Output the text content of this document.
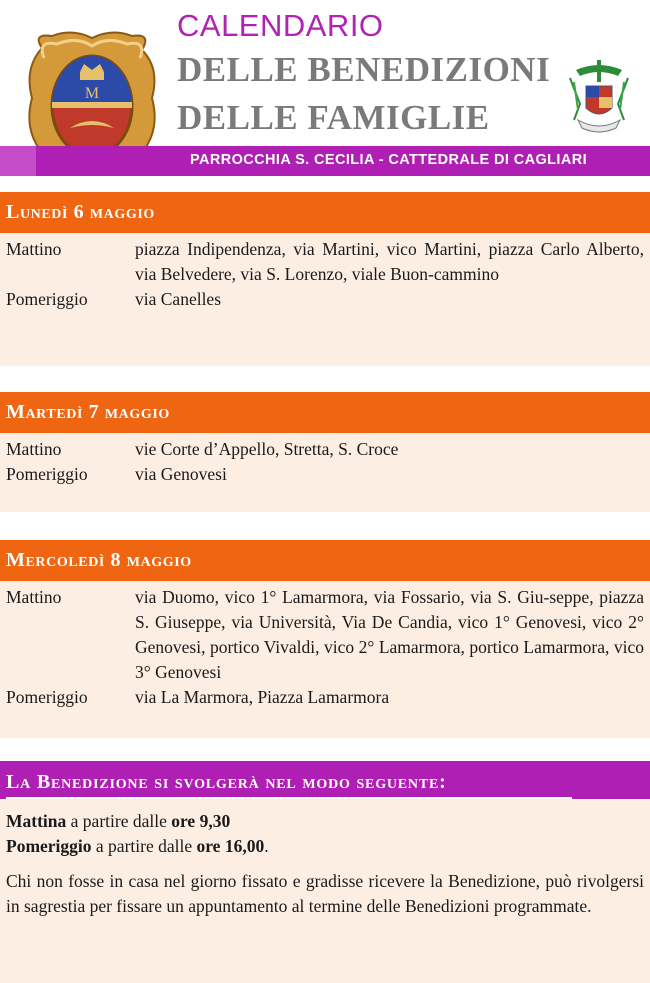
M
CALENDARIO
DELLE BENEDIZIONI
DELLE FAMIGLIE
PARROCCHIA S. CECILIA - CATTEDRALE DI CAGLIARI
Lunedì 6 maggio
Mattino	piazza Indipendenza, via Martini, vico Martini, piazza Carlo Alberto, via Belvedere, via S. Lorenzo, viale Buon-cammino
Pomeriggio	via Canelles
Martedì 7 maggio
Mattino	vie Corte d’Appello, Stretta, S. Croce
Pomeriggio	via Genovesi
Mercoledì 8 maggio
Mattino	via Duomo, vico 1° Lamarmora, via Fossario, via S. Giu-seppe, piazza S. Giuseppe, via Università, Via De Candia, vico 1° Genovesi, vico 2° Genovesi, portico Vivaldi, vico 2° Lamarmora, portico Lamarmora, vico 3° Genovesi
Pomeriggio	via La Marmora, Piazza Lamarmora
La Benedizione si svolgerà nel modo seguente:

Mattina a partire dalle ore 9,30

Pomeriggio a partire dalle ore 16,00.

Chi non fosse in casa nel giorno fissato e gradisse ricevere la Benedizione, può rivolgersi in sagrestia per fissare un appuntamento al termine delle Benedizioni programmate.
